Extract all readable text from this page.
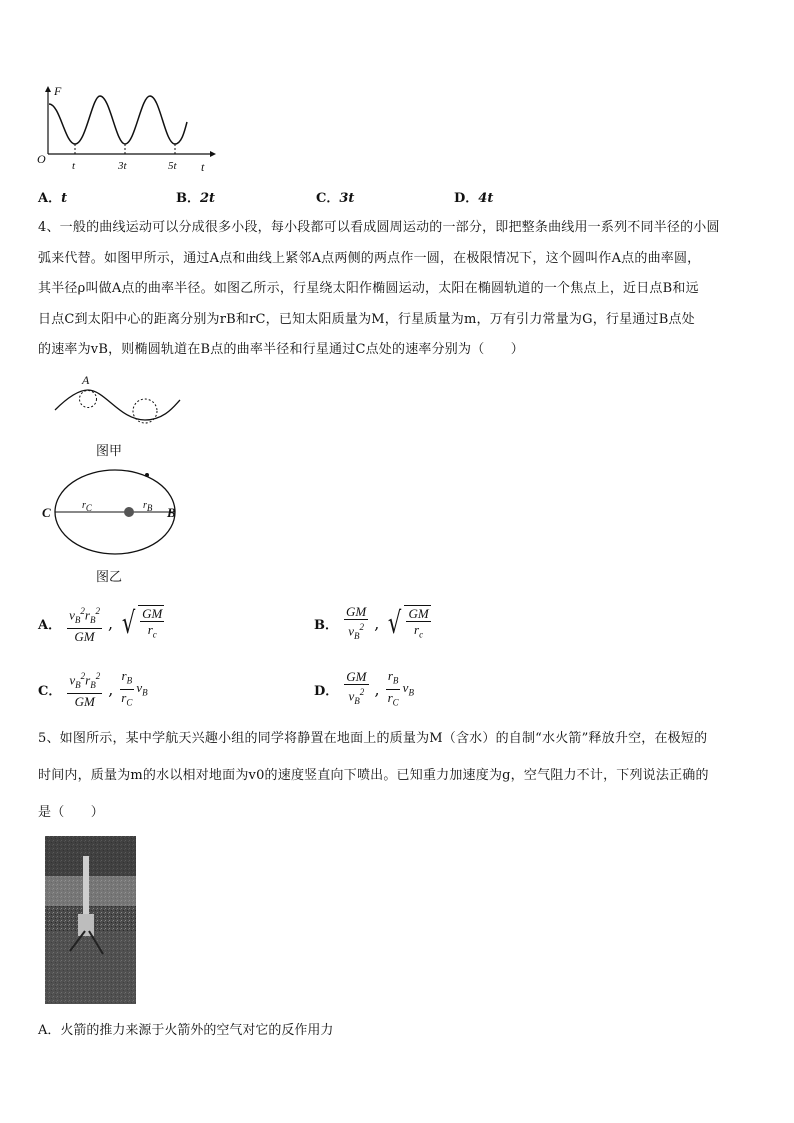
F
O
t
t	3t	5t
A．t	B．2t	C．3t	D．4t
4、一般的曲线运动可以分成很多小段，每小段都可以看成圆周运动的一部分，即把整条曲线用一系列不同半径的小圆
弧来代替。如图甲所示，通过A点和曲线上紧邻A点两侧的两点作一圆，在极限情况下，这个圆叫作A点的曲率圆，
其半径ρ叫做A点的曲率半径。如图乙所示，行星绕太阳作椭圆运动，太阳在椭圆轨道的一个焦点上，近日点B和远
日点C到太阳中心的距离分别为rB和rC，已知太阳质量为M，行星质量为m，万有引力常量为G，行星通过B点处
的速率为vB，则椭圆轨道在B点的曲率半径和行星通过C点处的速率分别为（　　）
A
图甲
C	B
$r_C$	$r_B$
图乙
A． $\frac{v_B^2r_B^2}{GM}$ , √ $\frac{GM}{r_c}$	B． $\frac{GM}{v_B^2}$ , √ $\frac{GM}{r_c}$
C． $\frac{v_B^2r_B^2}{GM}$ , $\frac{r_B}{r_C} v_B$	D． $\frac{GM}{v_B^2}$ , $\frac{r_B}{r_C} v_B$
5、如图所示，某中学航天兴趣小组的同学将静置在地面上的质量为M（含水）的自制“水火箭”释放升空，在极短的
时间内，质量为m的水以相对地面为v0的速度竖直向下喷出。已知重力加速度为g，空气阻力不计，下列说法正确的
是（　　）
A．火箭的推力来源于火箭外的空气对它的反作用力
